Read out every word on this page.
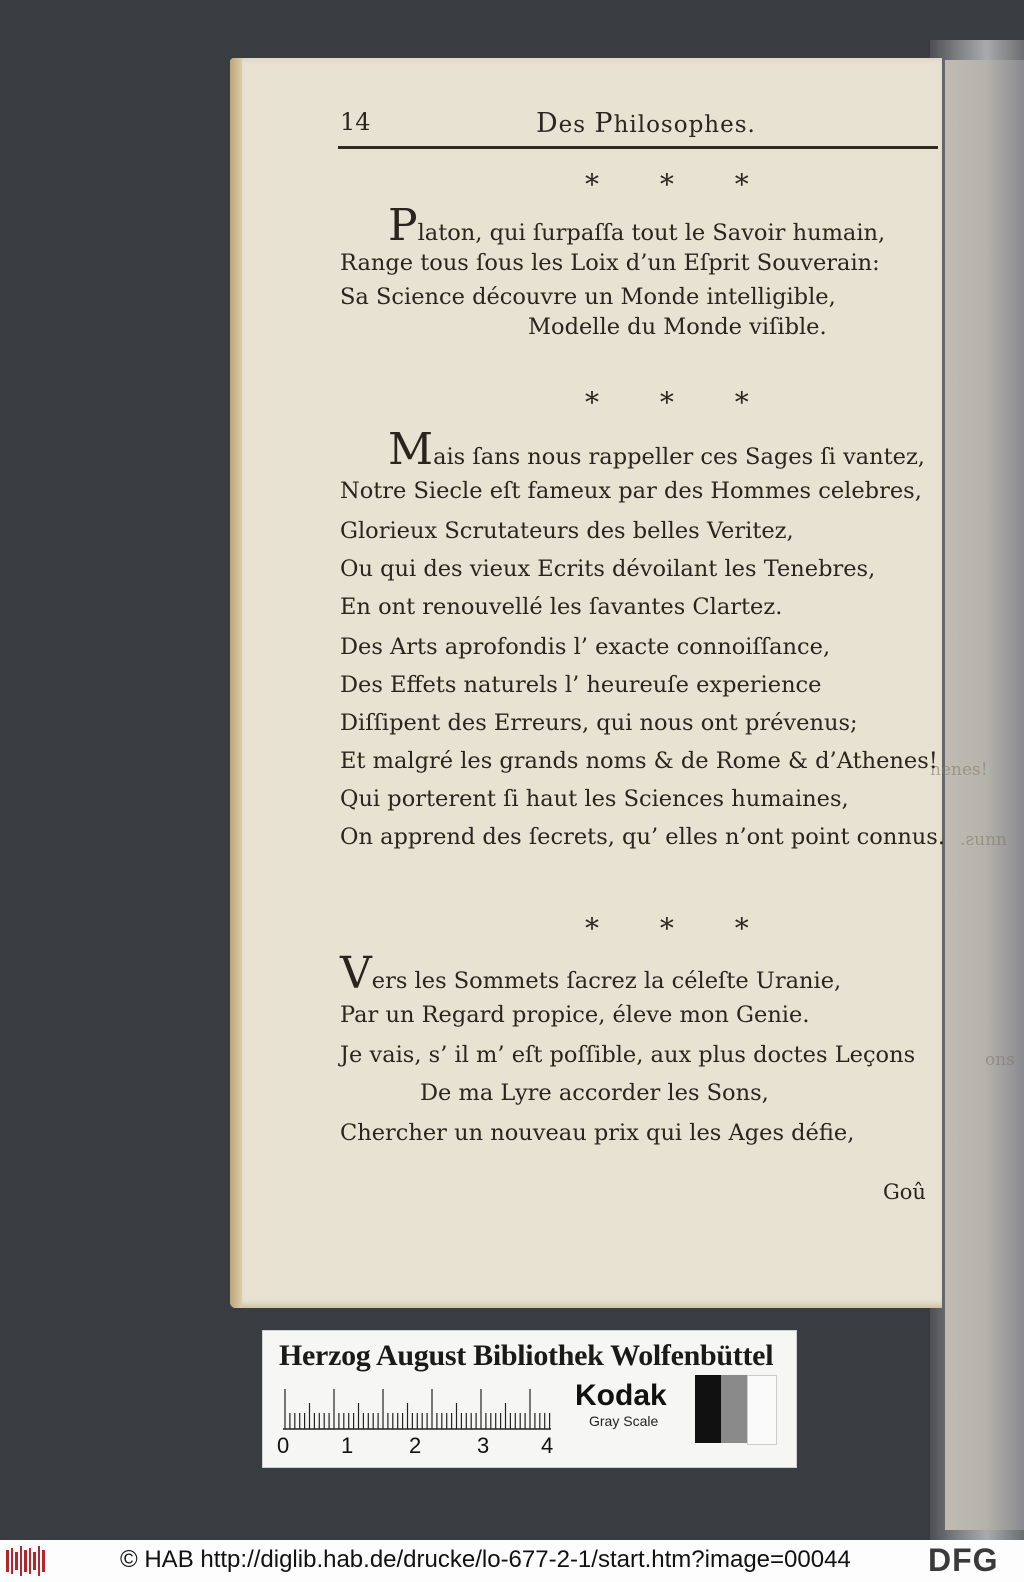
nenes!
.ƨunn
ons
14	Des Philosophes.
* * *
Platon, qui ſurpaſſa tout le Savoir humain,
Range tous ſous les Loix d’un Eſprit Souverain:
Sa Science découvre un Monde intelligible,
Modelle du Monde viſible.
* * *
Mais ſans nous rappeller ces Sages ſi vantez,
Notre Siecle eſt fameux par des Hommes celebres,
Glorieux Scrutateurs des belles Veritez,
Ou qui des vieux Ecrits dévoilant les Tenebres,
En ont renouvellé les ſavantes Clartez.
Des Arts aprofondis l’ exacte connoiſſance,
Des Effets naturels l’ heureuſe experience
Diſſipent des Erreurs, qui nous ont prévenus;
Et malgré les grands noms & de Rome & d’Athenes!
Qui porterent ſi haut les Sciences humaines,
On apprend des ſecrets, qu’ elles n’ont point connus.
* * *
Vers les Sommets ſacrez la céleſte Uranie,
Par un Regard propice, éleve mon Genie.
Je vais, s’ il m’ eſt poſſible, aux plus doctes Leçons
De ma Lyre accorder les Sons,
Chercher un nouveau prix qui les Ages défie,
Goû
Herzog August Bibliothek Wolfenbüttel
0 1	2	3 4
Kodak
Gray Scale
© HAB http://diglib.hab.de/drucke/lo-677-2-1/start.htm?image=00044 DFG
